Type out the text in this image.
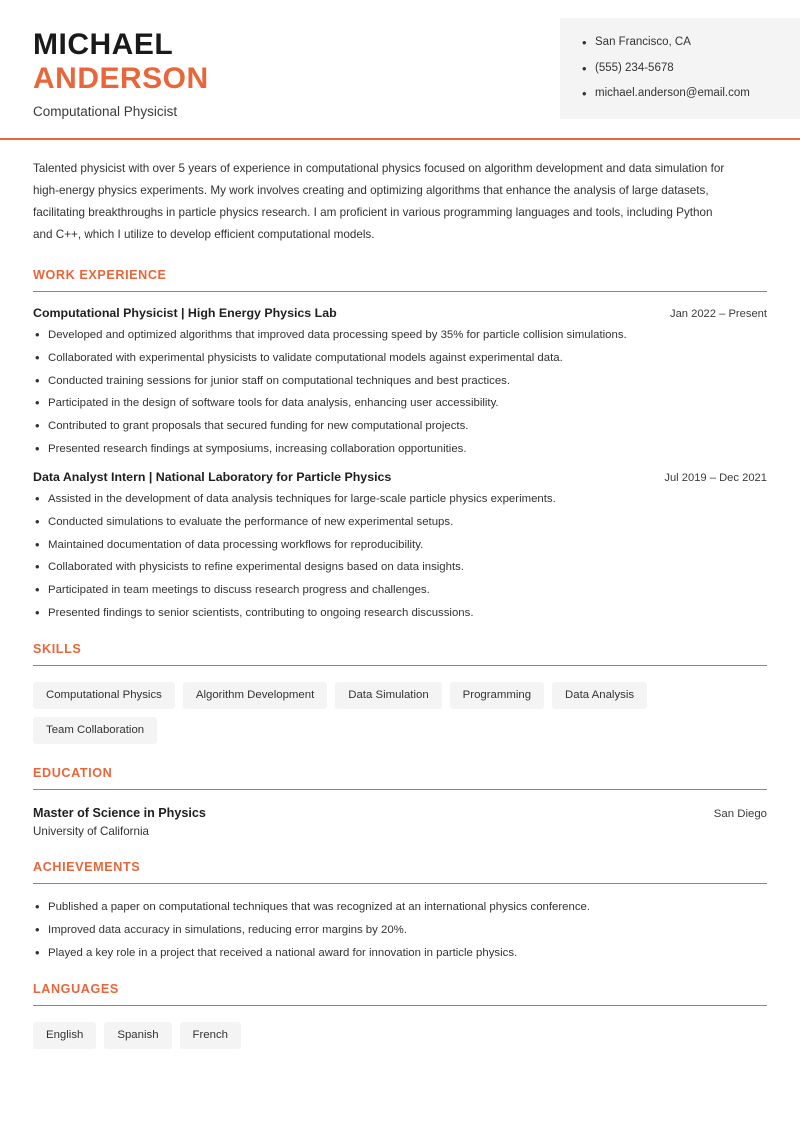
MICHAEL
ANDERSON
Computational Physicist
• San Francisco, CA
• (555) 234-5678
• michael.anderson@email.com
Talented physicist with over 5 years of experience in computational physics focused on algorithm development and data simulation for high-energy physics experiments. My work involves creating and optimizing algorithms that enhance the analysis of large datasets, facilitating breakthroughs in particle physics research. I am proficient in various programming languages and tools, including Python and C++, which I utilize to develop efficient computational models.
WORK EXPERIENCE
Computational Physicist | High Energy Physics Lab	Jan 2022 – Present
• Developed and optimized algorithms that improved data processing speed by 35% for particle collision simulations.
• Collaborated with experimental physicists to validate computational models against experimental data.
• Conducted training sessions for junior staff on computational techniques and best practices.
• Participated in the design of software tools for data analysis, enhancing user accessibility.
• Contributed to grant proposals that secured funding for new computational projects.
• Presented research findings at symposiums, increasing collaboration opportunities.
Data Analyst Intern | National Laboratory for Particle Physics	Jul 2019 – Dec 2021
• Assisted in the development of data analysis techniques for large-scale particle physics experiments.
• Conducted simulations to evaluate the performance of new experimental setups.
• Maintained documentation of data processing workflows for reproducibility.
• Collaborated with physicists to refine experimental designs based on data insights.
• Participated in team meetings to discuss research progress and challenges.
• Presented findings to senior scientists, contributing to ongoing research discussions.
SKILLS
Computational Physics	Algorithm Development	Data Simulation	Programming	Data Analysis
Team Collaboration
EDUCATION
Master of Science in Physics	San Diego
University of California
ACHIEVEMENTS
• Published a paper on computational techniques that was recognized at an international physics conference.
• Improved data accuracy in simulations, reducing error margins by 20%.
• Played a key role in a project that received a national award for innovation in particle physics.
LANGUAGES
English	Spanish	French
